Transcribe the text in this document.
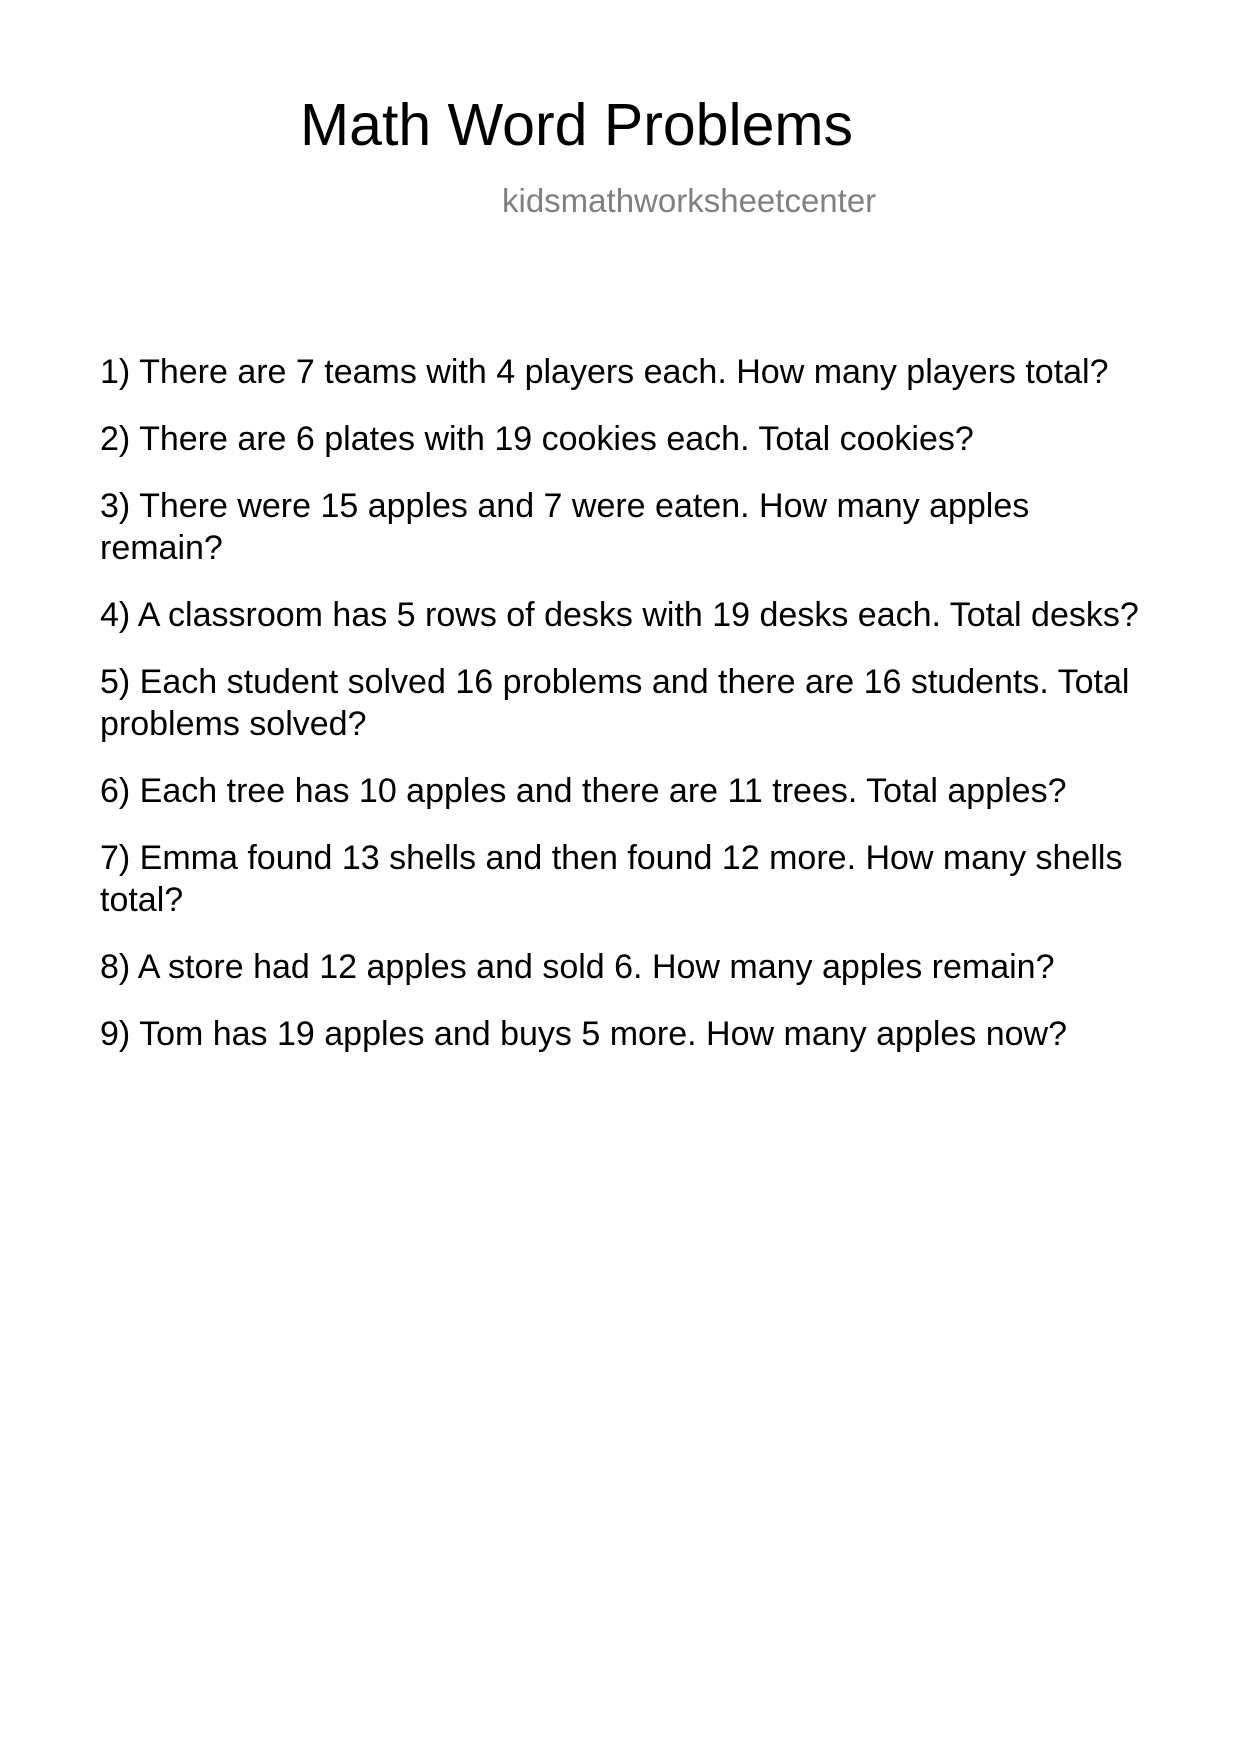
Math Word Problems
kidsmathworksheetcenter
1) There are 7 teams with 4 players each. How many players total?
2) There are 6 plates with 19 cookies each. Total cookies?
3) There were 15 apples and 7 were eaten. How many apples remain?
4) A classroom has 5 rows of desks with 19 desks each. Total desks?
5) Each student solved 16 problems and there are 16 students. Total problems solved?
6) Each tree has 10 apples and there are 11 trees. Total apples?
7) Emma found 13 shells and then found 12 more. How many shells total?
8) A store had 12 apples and sold 6. How many apples remain?
9) Tom has 19 apples and buys 5 more. How many apples now?
